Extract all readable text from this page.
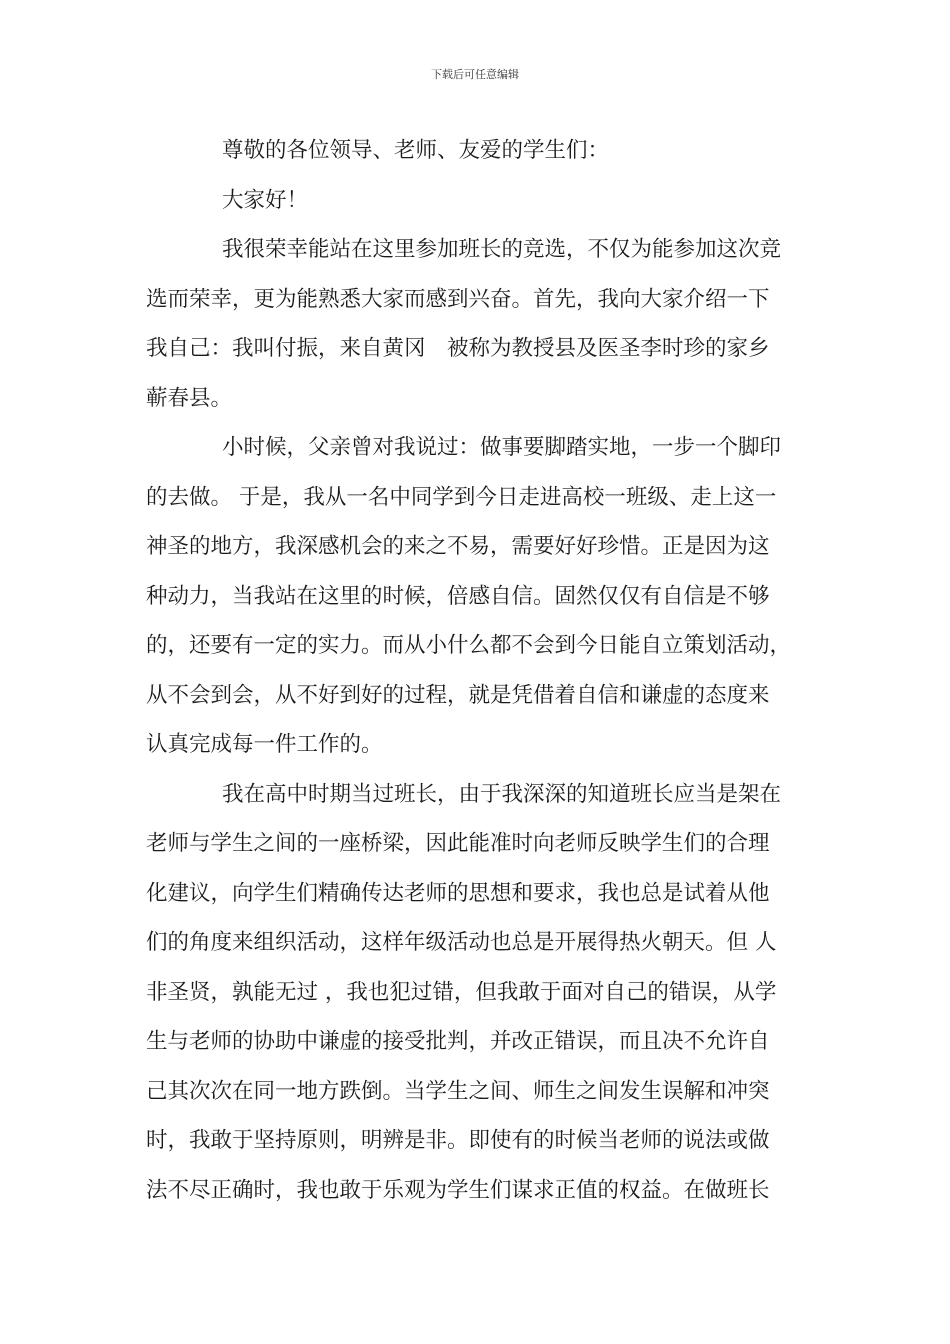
下载后可任意编辑
尊敬的各位领导、老师、友爱的学生们：
大家好！
我很荣幸能站在这里参加班长的竞选，不仅为能参加这次竞
选而荣幸，更为能熟悉大家而感到兴奋。首先，我向大家介绍一下
我自己：我叫付振，来自黄冈　被称为教授县及医圣李时珍的家乡
蕲春县。
小时候，父亲曾对我说过：做事要脚踏实地，一步一个脚印
的去做。 于是，我从一名中同学到今日走进高校一班级、走上这一
神圣的地方，我深感机会的来之不易，需要好好珍惜。正是因为这
种动力，当我站在这里的时候，倍感自信。固然仅仅有自信是不够
的，还要有一定的实力。而从小什么都不会到今日能自立策划活动，
从不会到会，从不好到好的过程，就是凭借着自信和谦虚的态度来
认真完成每一件工作的。
我在高中时期当过班长，由于我深深的知道班长应当是架在
老师与学生之间的一座桥梁，因此能准时向老师反映学生们的合理
化建议，向学生们精确传达老师的思想和要求，我也总是试着从他
们的角度来组织活动，这样年级活动也总是开展得热火朝天。但 人
非圣贤，孰能无过 ，我也犯过错，但我敢于面对自己的错误，从学
生与老师的协助中谦虚的接受批判，并改正错误，而且决不允许自
己其次次在同一地方跌倒。当学生之间、师生之间发生误解和冲突
时，我敢于坚持原则，明辨是非。即使有的时候当老师的说法或做
法不尽正确时，我也敢于乐观为学生们谋求正值的权益。在做班长
